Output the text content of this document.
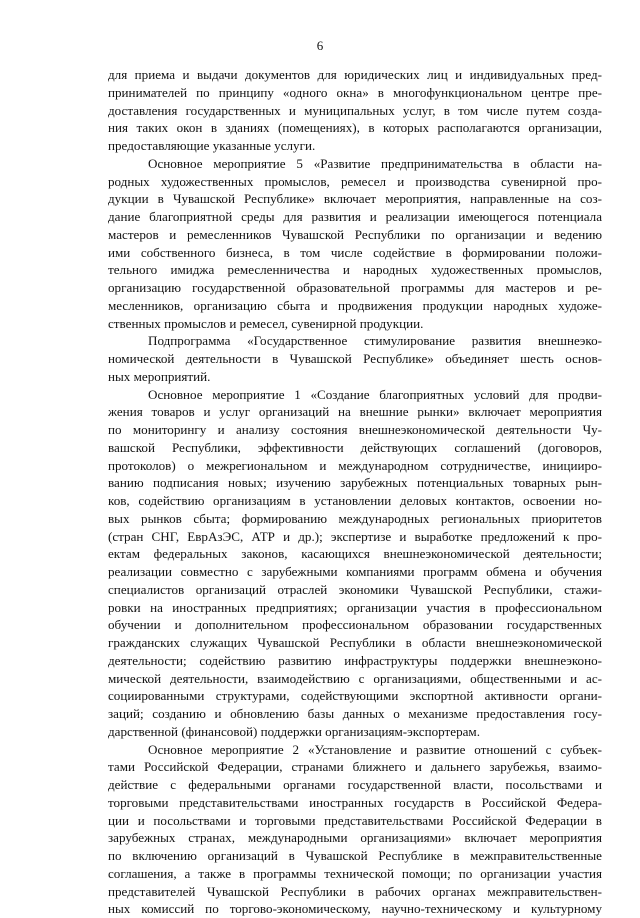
6
для приема и выдачи документов для юридических лиц и индивидуальных пред-
принимателей по принципу «одного окна» в многофункциональном центре пре-
доставления государственных и муниципальных услуг, в том числе путем созда-
ния таких окон в зданиях (помещениях), в которых располагаются организации,
предоставляющие указанные услуги.
Основное мероприятие 5 «Развитие предпринимательства в области на-
родных художественных промыслов, ремесел и производства сувенирной про-
дукции в Чувашской Республике» включает мероприятия, направленные на соз-
дание благоприятной среды для развития и реализации имеющегося потенциала
мастеров и ремесленников Чувашской Республики по организации и ведению
ими собственного бизнеса, в том числе содействие в формировании положи-
тельного имиджа ремесленничества и народных художественных промыслов,
организацию государственной образовательной программы для мастеров и ре-
месленников, организацию сбыта и продвижения продукции народных художе-
ственных промыслов и ремесел, сувенирной продукции.
Подпрограмма «Государственное стимулирование развития внешнеэко-
номической деятельности в Чувашской Республике» объединяет шесть основ-
ных мероприятий.
Основное мероприятие 1 «Создание благоприятных условий для продви-
жения товаров и услуг организаций на внешние рынки» включает мероприятия
по мониторингу и анализу состояния внешнеэкономической деятельности Чу-
вашской Республики, эффективности действующих соглашений (договоров,
протоколов) о межрегиональном и международном сотрудничестве, иницииро-
ванию подписания новых; изучению зарубежных потенциальных товарных рын-
ков, содействию организациям в установлении деловых контактов, освоении но-
вых рынков сбыта; формированию международных региональных приоритетов
(стран СНГ, ЕврАзЭС, АТР и др.); экспертизе и выработке предложений к про-
ектам федеральных законов, касающихся внешнеэкономической деятельности;
реализации совместно с зарубежными компаниями программ обмена и обучения
специалистов организаций отраслей экономики Чувашской Республики, стажи-
ровки на иностранных предприятиях; организации участия в профессиональном
обучении и дополнительном профессиональном образовании государственных
гражданских служащих Чувашской Республики в области внешнеэкономической
деятельности; содействию развитию инфраструктуры поддержки внешнеэконо-
мической деятельности, взаимодействию с организациями, общественными и ас-
социированными структурами, содействующими экспортной активности органи-
заций; созданию и обновлению базы данных о механизме предоставления госу-
дарственной (финансовой) поддержки организациям-экспортерам.
Основное мероприятие 2 «Установление и развитие отношений с субъек-
тами Российской Федерации, странами ближнего и дальнего зарубежья, взаимо-
действие с федеральными органами государственной власти, посольствами и
торговыми представительствами иностранных государств в Российской Федера-
ции и посольствами и торговыми представительствами Российской Федерации в
зарубежных странах, международными организациями» включает мероприятия
по включению организаций в Чувашской Республике в межправительственные
соглашения, а также в программы технической помощи; по организации участия
представителей Чувашской Республики в рабочих органах межправительствен-
ных комиссий по торгово-экономическому, научно-техническому и культурному
